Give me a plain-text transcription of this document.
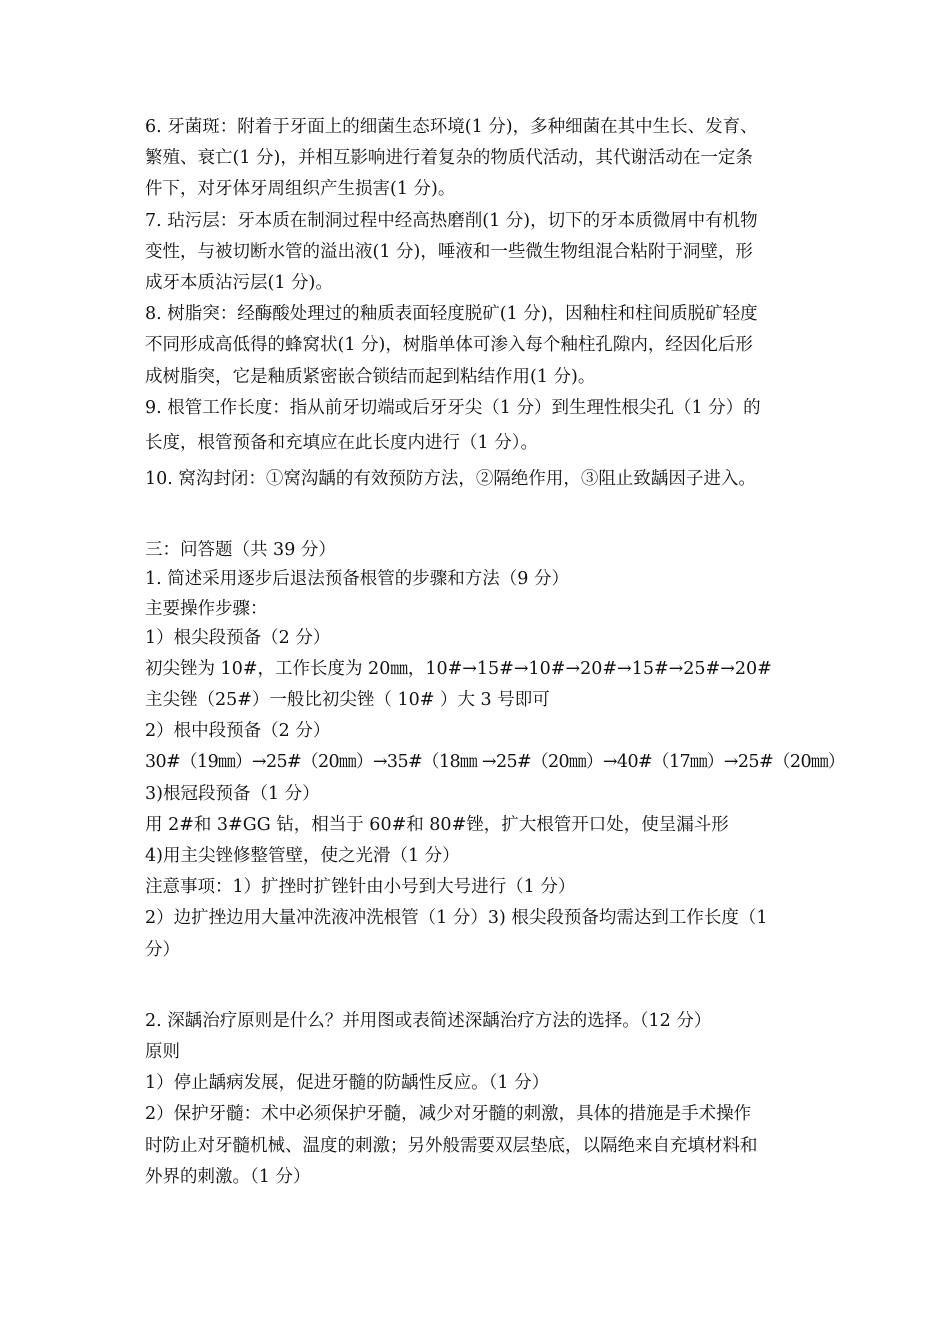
6. 牙菌斑：附着于牙面上的细菌生态环境(1 分)，多种细菌在其中生长、发育、
繁殖、衰亡(1 分)，并相互影响进行着复杂的物质代活动，其代谢活动在一定条
件下，对牙体牙周组织产生损害(1 分)。
7. 玷污层：牙本质在制洞过程中经高热磨削(1 分)，切下的牙本质微屑中有机物
变性，与被切断水管的溢出液(1 分)，唾液和一些微生物组混合粘附于洞壁，形
成牙本质沾污层(1 分)。
8. 树脂突：经酶酸处理过的釉质表面轻度脱矿(1 分)，因釉柱和柱间质脱矿轻度
不同形成高低得的蜂窝状(1 分)，树脂单体可渗入每个釉柱孔隙内，经因化后形
成树脂突，它是釉质紧密嵌合锁结而起到粘结作用(1 分)。
9. 根管工作长度：指从前牙切端或后牙牙尖（1 分）到生理性根尖孔（1 分）的
长度，根管预备和充填应在此长度内进行（1 分）。
10. 窝沟封闭：①窝沟龋的有效预防方法，②隔绝作用，③阻止致龋因子进入。
三：问答题（共 39 分）
1. 简述采用逐步后退法预备根管的步骤和方法（9 分）
主要操作步骤：
1）根尖段预备（2 分）
初尖锉为 10#，工作长度为 20㎜，10#→15#→10#→20#→15#→25#→20#
主尖锉（25#）一般比初尖锉（ 10# ）大 3 号即可
2）根中段预备（2 分）
30#（19㎜）→25#（20㎜）→35#（18㎜ →25#（20㎜）→40#（17㎜）→25#（20㎜）
3)根冠段预备（1 分）
用 2#和 3#GG 钻，相当于 60#和 80#锉，扩大根管开口处，使呈漏斗形
4)用主尖锉修整管壁，使之光滑（1 分）
注意事项：1）扩挫时扩锉针由小号到大号进行（1 分）
2）边扩挫边用大量冲洗液冲洗根管（1 分）3) 根尖段预备均需达到工作长度（1
分）
2. 深龋治疗原则是什么？并用图或表简述深龋治疗方法的选择。（12 分）
原则
1）停止龋病发展，促进牙髓的防龋性反应。（1 分）
2）保护牙髓：术中必须保护牙髓，减少对牙髓的刺激，具体的措施是手术操作
时防止对牙髓机械、温度的刺激；另外般需要双层垫底，以隔绝来自充填材料和
外界的刺激。（1 分）
